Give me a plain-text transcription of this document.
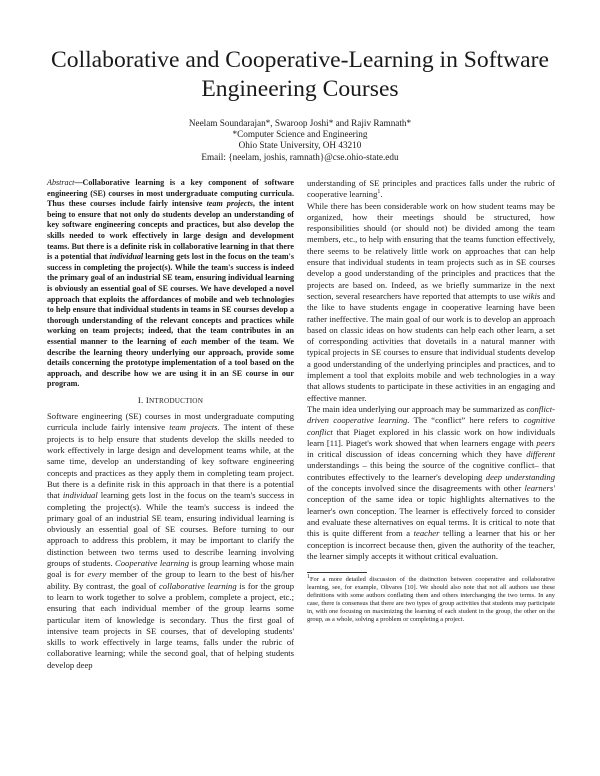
Collaborative and Cooperative-Learning in Software Engineering Courses
Neelam Soundarajan*, Swaroop Joshi* and Rajiv Ramnath*
*Computer Science and Engineering
Ohio State University, OH 43210
Email: {neelam, joshis, ramnath}@cse.ohio-state.edu

Abstract—Collaborative learning is a key component of software engineering (SE) courses in most undergraduate computing curricula. Thus these courses include fairly intensive team projects, the intent being to ensure that not only do students develop an understanding of key software engineering concepts and practices, but also develop the skills needed to work effectively in large design and development teams. But there is a definite risk in collaborative learning in that there is a potential that individual learning gets lost in the focus on the team's success in completing the project(s). While the team's success is indeed the primary goal of an industrial SE team, ensuring individual learning is obviously an essential goal of SE courses. We have developed a novel approach that exploits the affordances of mobile and web technologies to help ensure that individual students in teams in SE courses develop a thorough understanding of the relevant concepts and practices while working on team projects; indeed, that the team contributes in an essential manner to the learning of each member of the team. We describe the learning theory underlying our approach, provide some details concerning the prototype implementation of a tool based on the approach, and describe how we are using it in an SE course in our program.

I. INTRODUCTION

Software engineering (SE) courses in most undergraduate computing curricula include fairly intensive team projects. The intent of these projects is to help ensure that students develop the skills needed to work effectively in large design and development teams while, at the same time, develop an understanding of key software engineering concepts and practices as they apply them in completing team project. But there is a definite risk in this approach in that there is a potential that individual learning gets lost in the focus on the team's success in completing the project(s). While the team's success is indeed the primary goal of an industrial SE team, ensuring individual learning is obviously an essential goal of SE courses. Before turning to our approach to address this problem, it may be important to clarify the distinction between two terms used to describe learning involving groups of students. Cooperative learning is group learning whose main goal is for every member of the group to learn to the best of his/her ability. By contrast, the goal of collaborative learning is for the group to learn to work together to solve a problem, complete a project, etc.; ensuring that each individual member of the group learns some particular item of knowledge is secondary. Thus the first goal of intensive team projects in SE courses, that of developing students' skills to work effectively in large teams, falls under the rubric of collaborative learning; while the second goal, that of helping students develop deep

understanding of SE principles and practices falls under the rubric of cooperative learning$^1$.

While there has been considerable work on how student teams may be organized, how their meetings should be structured, how responsibilities should (or should not) be divided among the team members, etc., to help with ensuring that the teams function effectively, there seems to be relatively little work on approaches that can help ensure that individual students in team projects such as in SE courses develop a good understanding of the principles and practices that the projects are based on. Indeed, as we briefly summarize in the next section, several researchers have reported that attempts to use wikis and the like to have students engage in cooperative learning have been rather ineffective. The main goal of our work is to develop an approach based on classic ideas on how students can help each other learn, a set of corresponding activities that dovetails in a natural manner with typical projects in SE courses to ensure that individual students develop a good understanding of the underlying principles and practices, and to implement a tool that exploits mobile and web technologies in a way that allows students to participate in these activities in an engaging and effective manner.

The main idea underlying our approach may be summarized as conflict-driven cooperative learning. The “conflict” here refers to cognitive conflict that Piaget explored in his classic work on how individuals learn [11]. Piaget's work showed that when learners engage with peers in critical discussion of ideas concerning which they have different understandings – this being the source of the cognitive conflict– that contributes effectively to the learner's developing deep understanding of the concepts involved since the disagreements with other learners' conception of the same idea or topic highlights alternatives to the learner's own conception. The learner is effectively forced to consider and evaluate these alternatives on equal terms. It is critical to note that this is quite different from a teacher telling a learner that his or her conception is incorrect because then, given the authority of the teacher, the learner simply accepts it without critical evaluation.

$^1$For a more detailed discussion of the distinction between cooperative and collaborative learning, see, for example, Olivares [10]. We should also note that not all authors use these definitions with some authors conflating them and others interchanging the two terms. In any case, there is consensus that there are two types of group activities that students may participate in, with one focusing on maximizing the learning of each student in the group, the other on the group, as a whole, solving a problem or completing a project.
